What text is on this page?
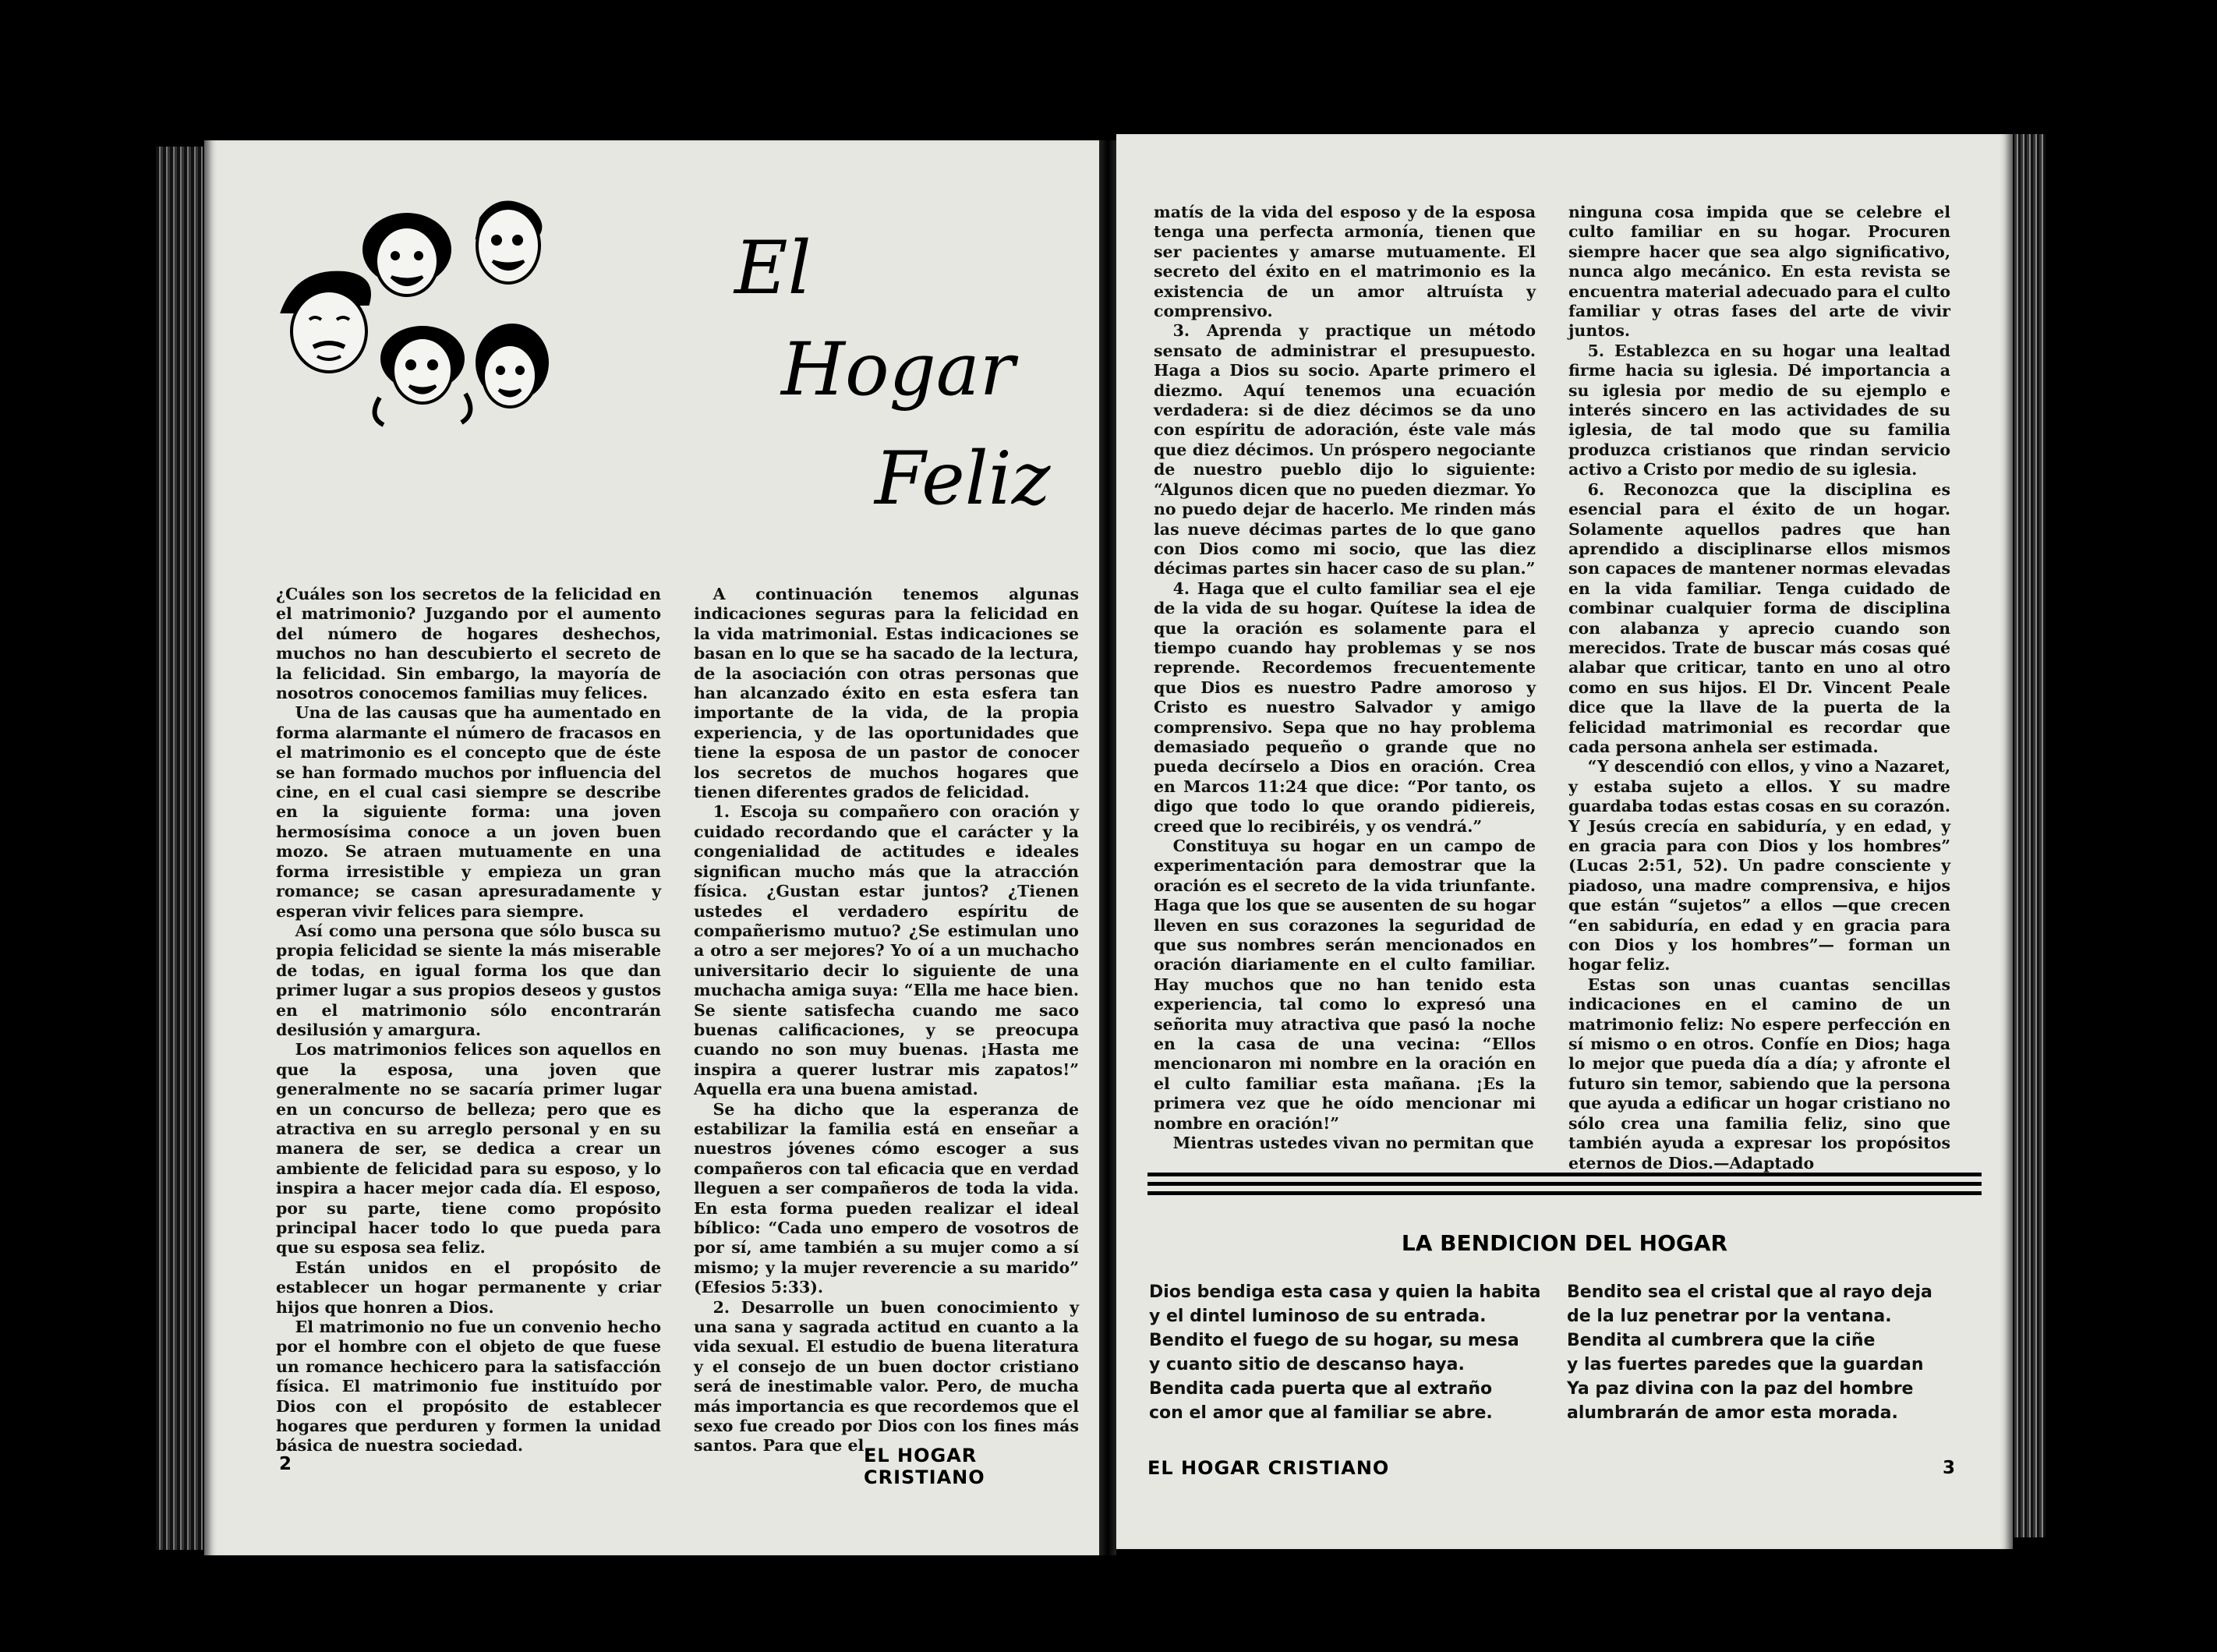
El
Hogar
Feliz

¿Cuáles son los secretos de la felicidad en el matrimonio? Juzgando por el aumento del número de hogares deshechos, muchos no han descubierto el secreto de la felicidad. Sin embargo, la mayoría de nosotros conocemos familias muy felices.

Una de las causas que ha aumentado en forma alarmante el número de fracasos en el matrimonio es el concepto que de éste se han formado muchos por influencia del cine, en el cual casi siempre se describe en la siguiente forma: una joven hermosísima conoce a un joven buen mozo. Se atraen mutuamente en una forma irresistible y empieza un gran romance; se casan apresuradamente y esperan vivir felices para siempre.

Así como una persona que sólo busca su propia felicidad se siente la más miserable de todas, en igual forma los que dan primer lugar a sus propios deseos y gustos en el matrimonio sólo encontrarán desilusión y amargura.

Los matrimonios felices son aquellos en que la esposa, una joven que generalmente no se sacaría primer lugar en un concurso de belleza; pero que es atractiva en su arreglo personal y en su manera de ser, se dedica a crear un ambiente de felicidad para su esposo, y lo inspira a hacer mejor cada día. El esposo, por su parte, tiene como propósito principal hacer todo lo que pueda para que su esposa sea feliz.

Están unidos en el propósito de establecer un hogar permanente y criar hijos que honren a Dios.

El matrimonio no fue un convenio hecho por el hombre con el objeto de que fuese un romance hechicero para la satisfacción física. El matrimonio fue instituído por Dios con el propósito de establecer hogares que perduren y formen la unidad básica de nuestra sociedad.

A continuación tenemos algunas indicaciones seguras para la felicidad en la vida matrimonial. Estas indicaciones se basan en lo que se ha sacado de la lectura, de la asociación con otras personas que han alcanzado éxito en esta esfera tan importante de la vida, de la propia experiencia, y de las oportunidades que tiene la esposa de un pastor de conocer los secretos de muchos hogares que tienen diferentes grados de felicidad.

1. Escoja su compañero con oración y cuidado recordando que el carácter y la congenialidad de actitudes e ideales significan mucho más que la atracción física. ¿Gustan estar juntos? ¿Tienen ustedes el verdadero espíritu de compañerismo mutuo? ¿Se estimulan uno a otro a ser mejores? Yo oí a un muchacho universitario decir lo siguiente de una muchacha amiga suya: “Ella me hace bien. Se siente satisfecha cuando me saco buenas calificaciones, y se preocupa cuando no son muy buenas. ¡Hasta me inspira a querer lustrar mis zapatos!” Aquella era una buena amistad.

Se ha dicho que la esperanza de estabilizar la familia está en enseñar a nuestros jóvenes cómo escoger a sus compañeros con tal eficacia que en verdad lleguen a ser compañeros de toda la vida. En esta forma pueden realizar el ideal bíblico: “Cada uno empero de vosotros de por sí, ame también a su mujer como a sí mismo; y la mujer reverencie a su marido” (Efesios 5:33).

2. Desarrolle un buen conocimiento y una sana y sagrada actitud en cuanto a la vida sexual. El estudio de buena literatura y el consejo de un buen doctor cristiano será de inestimable valor. Pero, de mucha más importancia es que recordemos que el sexo fue creado por Dios con los fines más santos. Para que el

2	EL HOGAR CRISTIANO

matís de la vida del esposo y de la esposa tenga una perfecta armonía, tienen que ser pacientes y amarse mutuamente. El secreto del éxito en el matrimonio es la existencia de un amor altruísta y comprensivo.

3. Aprenda y practique un método sensato de administrar el presupuesto. Haga a Dios su socio. Aparte primero el diezmo. Aquí tenemos una ecuación verdadera: si de diez décimos se da uno con espíritu de adoración, éste vale más que diez décimos. Un próspero negociante de nuestro pueblo dijo lo siguiente: “Algunos dicen que no pueden diezmar. Yo no puedo dejar de hacerlo. Me rinden más las nueve décimas partes de lo que gano con Dios como mi socio, que las diez décimas partes sin hacer caso de su plan.”

4. Haga que el culto familiar sea el eje de la vida de su hogar. Quítese la idea de que la oración es solamente para el tiempo cuando hay problemas y se nos reprende. Recordemos frecuentemente que Dios es nuestro Padre amoroso y Cristo es nuestro Salvador y amigo comprensivo. Sepa que no hay problema demasiado pequeño o grande que no pueda decírselo a Dios en oración. Crea en Marcos 11:24 que dice: “Por tanto, os digo que todo lo que orando pidiereis, creed que lo recibiréis, y os vendrá.”

Constituya su hogar en un campo de experimentación para demostrar que la oración es el secreto de la vida triunfante. Haga que los que se ausenten de su hogar lleven en sus corazones la seguridad de que sus nombres serán mencionados en oración diariamente en el culto familiar. Hay muchos que no han tenido esta experiencia, tal como lo expresó una señorita muy atractiva que pasó la noche en la casa de una vecina: “Ellos mencionaron mi nombre en la oración en el culto familiar esta mañana. ¡Es la primera vez que he oído mencionar mi nombre en oración!”

Mientras ustedes vivan no permitan que

ninguna cosa impida que se celebre el culto familiar en su hogar. Procuren siempre hacer que sea algo significativo, nunca algo mecánico. En esta revista se encuentra material adecuado para el culto familiar y otras fases del arte de vivir juntos.

5. Establezca en su hogar una lealtad firme hacia su iglesia. Dé importancia a su iglesia por medio de su ejemplo e interés sincero en las actividades de su iglesia, de tal modo que su familia produzca cristianos que rindan servicio activo a Cristo por medio de su iglesia.

6. Reconozca que la disciplina es esencial para el éxito de un hogar. Solamente aquellos padres que han aprendido a disciplinarse ellos mismos son capaces de mantener normas elevadas en la vida familiar. Tenga cuidado de combinar cualquier forma de disciplina con alabanza y aprecio cuando son merecidos. Trate de buscar más cosas qué alabar que criticar, tanto en uno al otro como en sus hijos. El Dr. Vincent Peale dice que la llave de la puerta de la felicidad matrimonial es recordar que cada persona anhela ser estimada.

“Y descendió con ellos, y vino a Nazaret, y estaba sujeto a ellos. Y su madre guardaba todas estas cosas en su corazón. Y Jesús crecía en sabiduría, y en edad, y en gracia para con Dios y los hombres” (Lucas 2:51, 52). Un padre consciente y piadoso, una madre comprensiva, e hijos que están “sujetos” a ellos —que crecen “en sabiduría, en edad y en gracia para con Dios y los hombres”— forman un hogar feliz.

Estas son unas cuantas sencillas indicaciones en el camino de un matrimonio feliz: No espere perfección en sí mismo o en otros. Confíe en Dios; haga lo mejor que pueda día a día; y afronte el futuro sin temor, sabiendo que la persona que ayuda a edificar un hogar cristiano no sólo crea una familia feliz, sino que también ayuda a expresar los propósitos eternos de Dios.—Adaptado

LA BENDICION DEL HOGAR
Dios bendiga esta casa y quien la habita
y el dintel luminoso de su entrada.
Bendito el fuego de su hogar, su mesa
y cuanto sitio de descanso haya.
Bendita cada puerta que al extraño
con el amor que al familiar se abre.
Bendito sea el cristal que al rayo deja
de la luz penetrar por la ventana.
Bendita al cumbrera que la ciñe
y las fuertes paredes que la guardan
Ya paz divina con la paz del hombre
alumbrarán de amor esta morada.
EL HOGAR CRISTIANO	3
